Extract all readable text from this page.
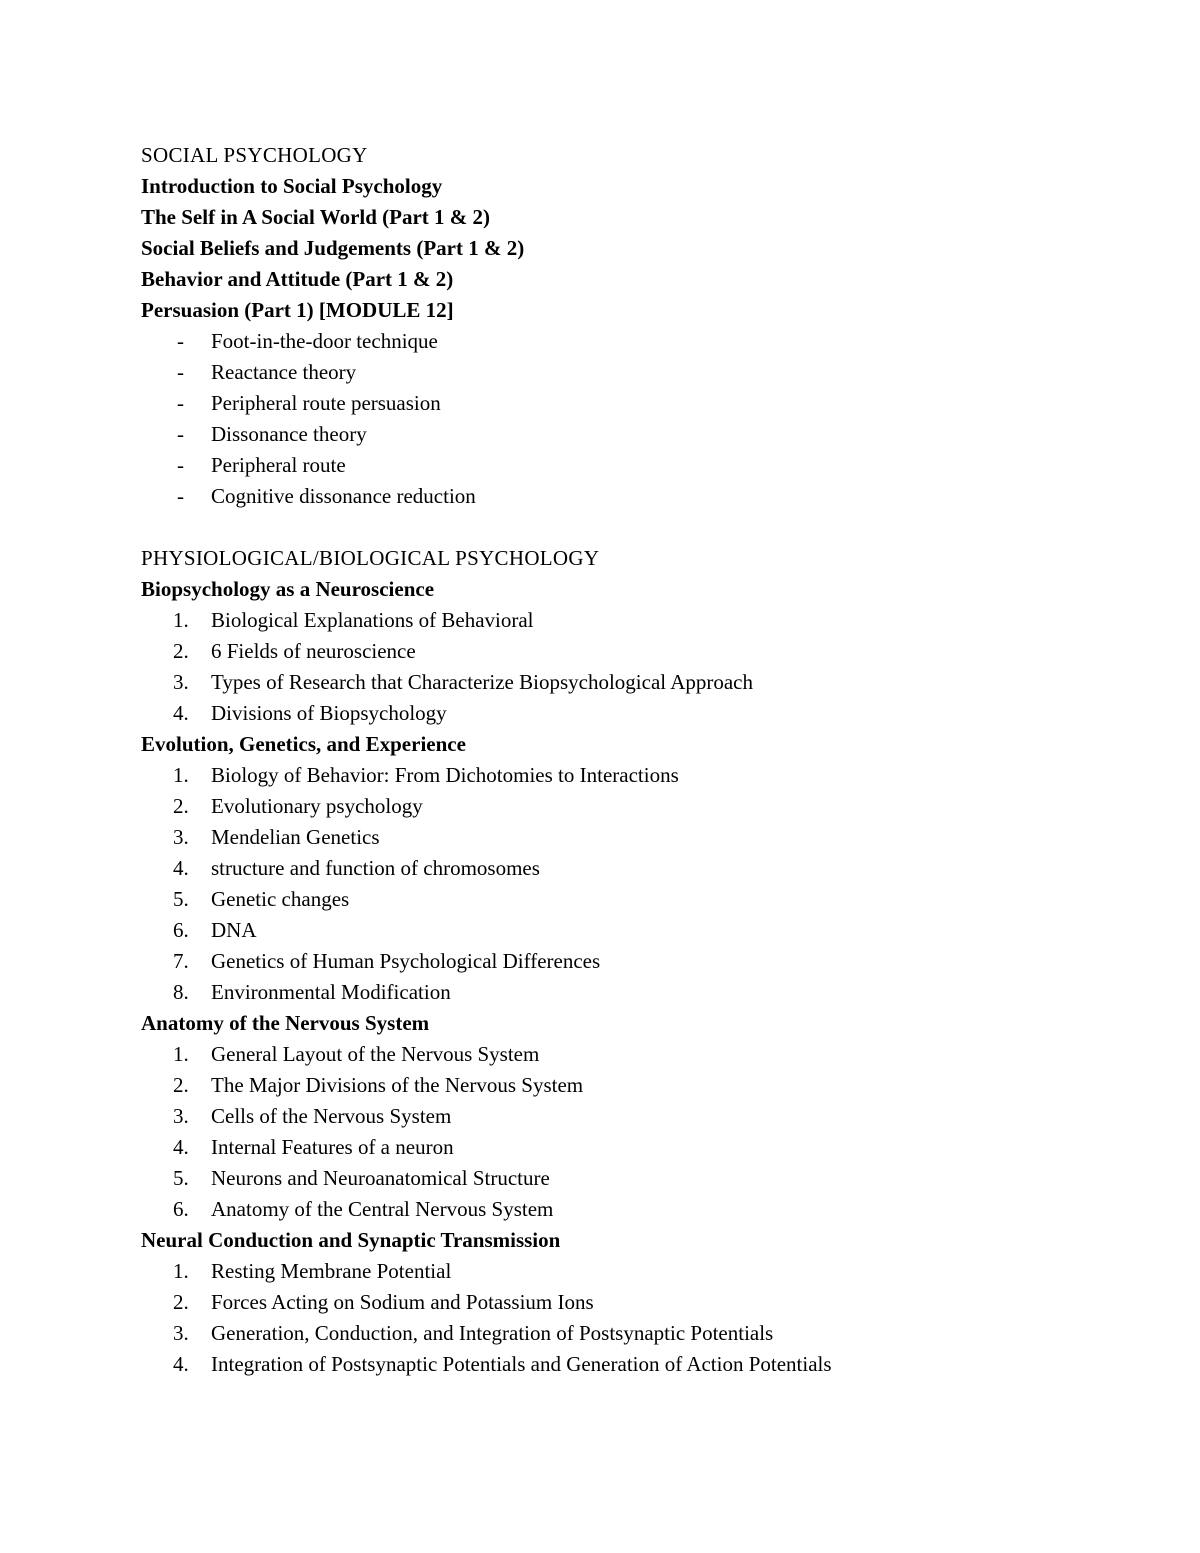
SOCIAL PSYCHOLOGY
Introduction to Social Psychology
The Self in A Social World (Part 1 & 2)
Social Beliefs and Judgements (Part 1 & 2)
Behavior and Attitude (Part 1 & 2)
Persuasion (Part 1) [MODULE 12]
- Foot-in-the-door technique
- Reactance theory
- Peripheral route persuasion
- Dissonance theory
- Peripheral route
- Cognitive dissonance reduction
PHYSIOLOGICAL/BIOLOGICAL PSYCHOLOGY
Biopsychology as a Neuroscience
1. Biological Explanations of Behavioral
2. 6 Fields of neuroscience
3. Types of Research that Characterize Biopsychological Approach
4. Divisions of Biopsychology
Evolution, Genetics, and Experience
1. Biology of Behavior: From Dichotomies to Interactions
2. Evolutionary psychology
3. Mendelian Genetics
4. structure and function of chromosomes
5. Genetic changes
6. DNA
7. Genetics of Human Psychological Differences
8. Environmental Modification
Anatomy of the Nervous System
1. General Layout of the Nervous System
2. The Major Divisions of the Nervous System
3. Cells of the Nervous System
4. Internal Features of a neuron
5. Neurons and Neuroanatomical Structure
6. Anatomy of the Central Nervous System
Neural Conduction and Synaptic Transmission
1. Resting Membrane Potential
2. Forces Acting on Sodium and Potassium Ions
3. Generation, Conduction, and Integration of Postsynaptic Potentials
4. Integration of Postsynaptic Potentials and Generation of Action Potentials
